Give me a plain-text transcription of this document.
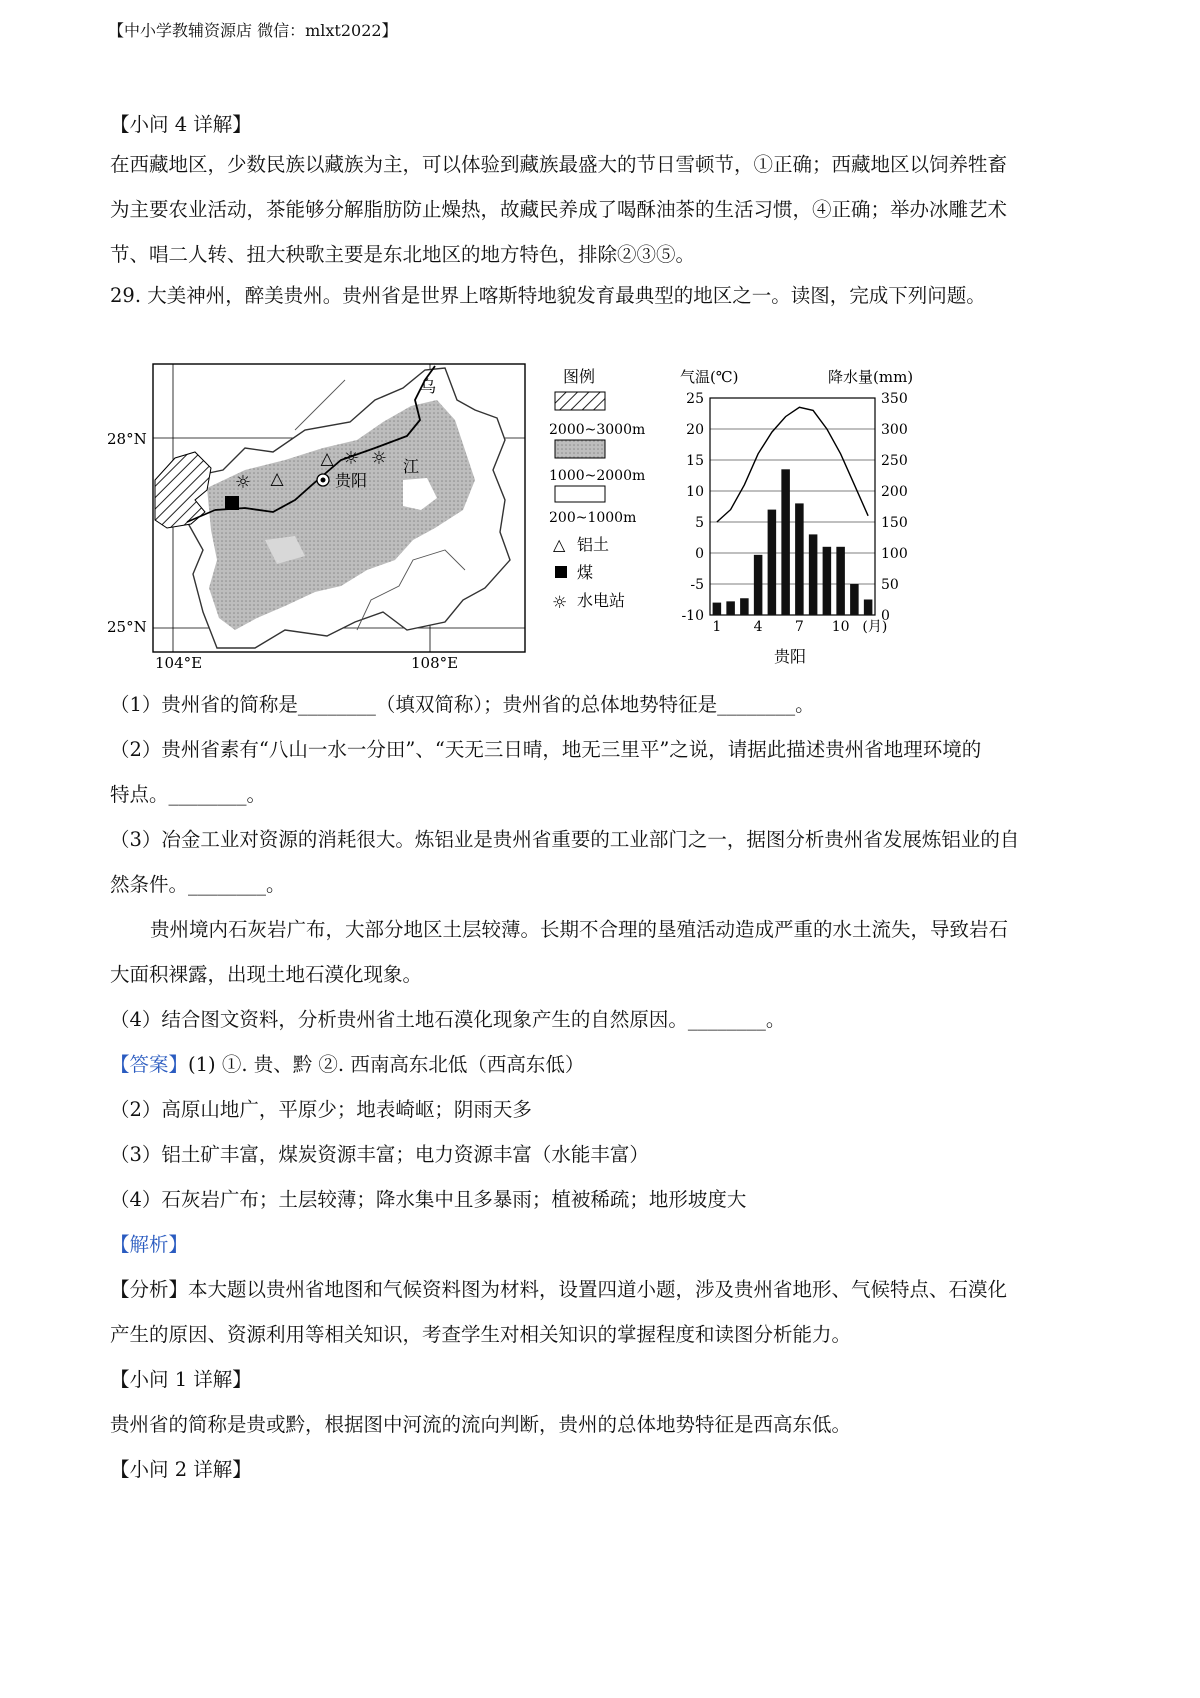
【中小学教辅资源店 微信：mlxt2022】
【小问 4 详解】
在西藏地区，少数民族以藏族为主，可以体验到藏族最盛大的节日雪顿节，①正确；西藏地区以饲养牲畜
为主要农业活动，茶能够分解脂肪防止燥热，故藏民养成了喝酥油茶的生活习惯，④正确；举办冰雕艺术
节、唱二人转、扭大秧歌主要是东北地区的地方特色，排除②③⑤。
29. 大美神州，醉美贵州。贵州省是世界上喀斯特地貌发育最典型的地区之一。读图，完成下列问题。
△
△
☼ ☼
☼	贵阳
乌
江
28°N
25°N
104°E	108°E
图例
2000~3000m
1000~2000m
200~1000m
△ 铝土
煤
☼ 水电站
气温(℃)	降水量(mm)
25
20
15
10
5
0
-5
-10
350
300
250
200
150
100
50
0
1 4 7 10 (月)
贵阳
（1）贵州省的简称是________（填双简称）；贵州省的总体地势特征是________。
（2）贵州省素有“八山一水一分田”、“天无三日晴，地无三里平”之说，请据此描述贵州省地理环境的
特点。________。
（3）冶金工业对资源的消耗很大。炼铝业是贵州省重要的工业部门之一，据图分析贵州省发展炼铝业的自
然条件。________。
贵州境内石灰岩广布，大部分地区土层较薄。长期不合理的垦殖活动造成严重的水土流失，导致岩石
大面积裸露，出现土地石漠化现象。
（4）结合图文资料，分析贵州省土地石漠化现象产生的自然原因。________。
【答案】(1) ①. 贵、黔 ②. 西南高东北低（西高东低）
（2）高原山地广，平原少；地表崎岖；阴雨天多
（3）铝土矿丰富，煤炭资源丰富；电力资源丰富（水能丰富）
（4）石灰岩广布；土层较薄；降水集中且多暴雨；植被稀疏；地形坡度大
【解析】
【分析】本大题以贵州省地图和气候资料图为材料，设置四道小题，涉及贵州省地形、气候特点、石漠化
产生的原因、资源利用等相关知识，考查学生对相关知识的掌握程度和读图分析能力。
【小问 1 详解】
贵州省的简称是贵或黔，根据图中河流的流向判断，贵州的总体地势特征是西高东低。
【小问 2 详解】
